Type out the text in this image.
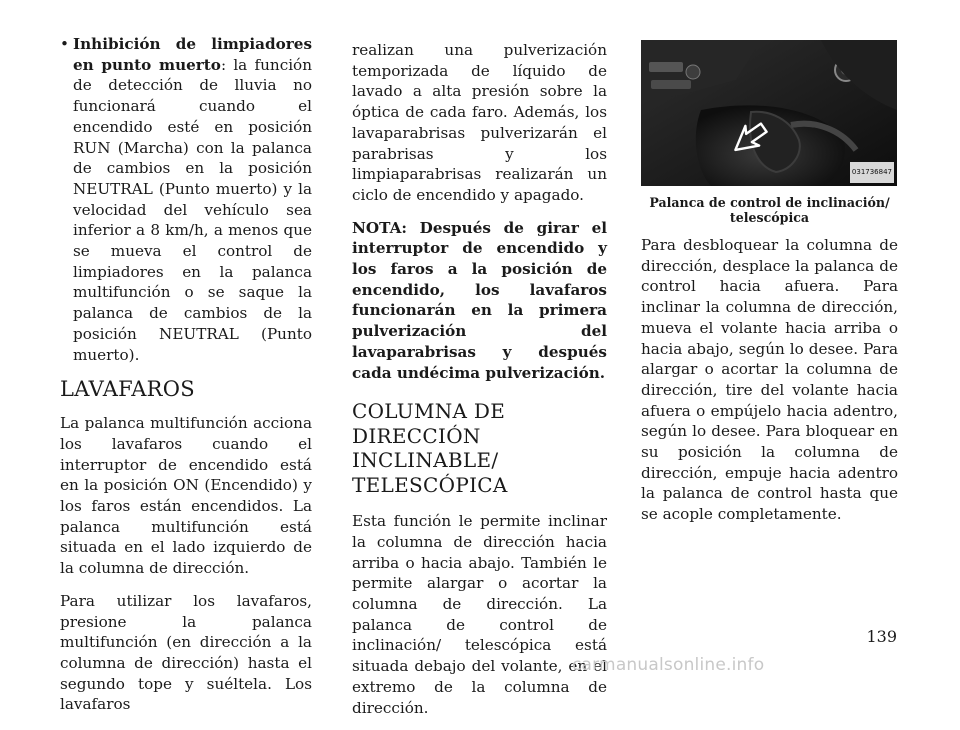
• Inhibición de limpiadores en punto muerto: la función de detección de lluvia no funcionará cuando el encendido esté en posición RUN (Marcha) con la palanca de cambios en la posición NEUTRAL (Punto muerto) y la velocidad del vehículo sea inferior a 8 km/h, a menos que se mueva el control de limpiadores en la palanca multifunción o se saque la palanca de cambios de la posición NEUTRAL (Punto muerto).
LAVAFAROS

La palanca multifunción acciona los lavafaros cuando el interruptor de encendido está en la posición ON (Encendido) y los faros están encendidos. La palanca multifunción está situada en el lado izquierdo de la columna de dirección.

Para utilizar los lavafaros, presione la palanca multifunción (en dirección a la columna de dirección) hasta el segundo tope y suéltela. Los lavafaros

realizan una pulverización temporizada de líquido de lavado a alta presión sobre la óptica de cada faro. Además, los lavaparabrisas pulverizarán el parabrisas y los limpiaparabrisas realizarán un ciclo de encendido y apagado.

NOTA: Después de girar el interruptor de encendido y los faros a la posición de encendido, los lavafaros funcionarán en la primera pulverización del lavaparabrisas y después cada undécima pulverización.

COLUMNA DE DIRECCIÓN INCLINABLE/ TELESCÓPICA

Esta función le permite inclinar la columna de dirección hacia arriba o hacia abajo. También le permite alargar o acortar la columna de dirección. La palanca de control de inclinación/ telescópica está situada debajo del volante, en el extremo de la columna de dirección.

031736847
Palanca de control de inclinación/ telescópica

Para desbloquear la columna de dirección, desplace la palanca de control hacia afuera. Para inclinar la columna de dirección, mueva el volante hacia arriba o hacia abajo, según lo desee. Para alargar o acortar la columna de dirección, tire del volante hacia afuera o empújelo hacia adentro, según lo desee. Para bloquear en su posición la columna de dirección, empuje hacia adentro la palanca de control hasta que se acople completamente.

139
carmanualsonline.info
